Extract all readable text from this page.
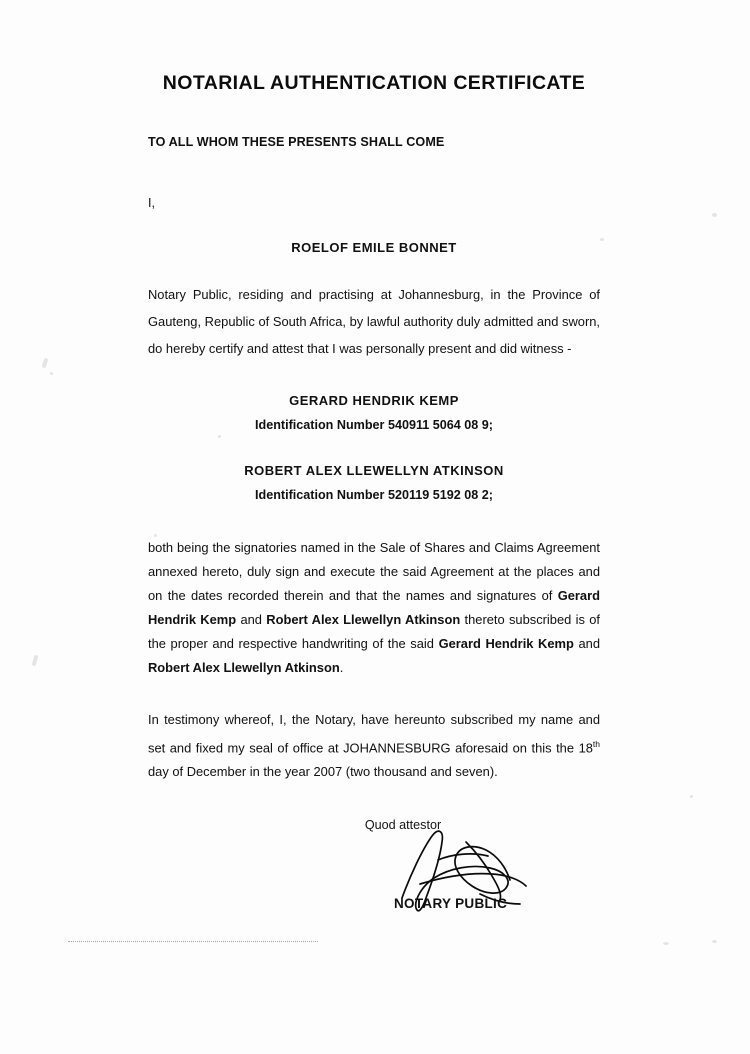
NOTARIAL AUTHENTICATION CERTIFICATE
TO ALL WHOM THESE PRESENTS SHALL COME
I,
ROELOF EMILE BONNET
Notary Public, residing and practising at Johannesburg, in the Province of Gauteng, Republic of South Africa, by lawful authority duly admitted and sworn, do hereby certify and attest that I was personally present and did witness -
GERARD HENDRIK KEMP
Identification Number 540911 5064 08 9;
ROBERT ALEX LLEWELLYN ATKINSON
Identification Number 520119 5192 08 2;
both being the signatories named in the Sale of Shares and Claims Agreement annexed hereto, duly sign and execute the said Agreement at the places and on the dates recorded therein and that the names and signatures of Gerard Hendrik Kemp and Robert Alex Llewellyn Atkinson thereto subscribed is of the proper and respective handwriting of the said Gerard Hendrik Kemp and Robert Alex Llewellyn Atkinson.
In testimony whereof, I, the Notary, have hereunto subscribed my name and set and fixed my seal of office at JOHANNESBURG aforesaid on this the 18th day of December in the year 2007 (two thousand and seven).
Quod attestor
NOTARY PUBLIC
